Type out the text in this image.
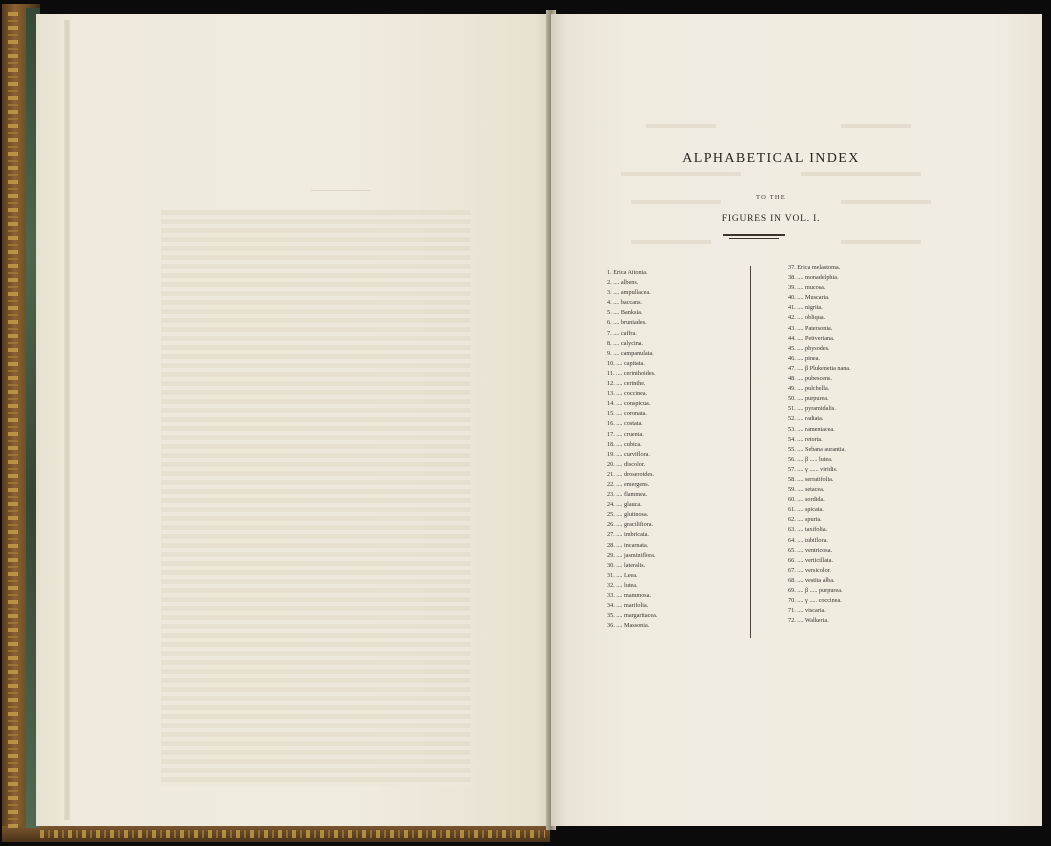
ALPHABETICAL INDEX
TO THE
FIGURES IN VOL. I.
1. Erica Aitonia.
2. .... albens.
3. .... ampullacea.
4. .... baccans.
5. .... Banksia.
6. .... bruniades.
7. .... caffra.
8. .... calycina.
9. .... campanulata.
10. .... capitata.
11. .... cerinthoides.
12. .... cerinthe.
13. .... coccinea.
14. .... conspicua.
15. .... coronata.
16. .... costata.
17. .... cruenta.
18. .... cubica.
19. .... curviflora.
20. .... discolor.
21. .... droseroides.
22. .... emergens.
23. .... flammea.
24. .... glauca.
25. .... glutinosa.
26. .... gracilifiora.
27. .... imbricata.
28. .... incarnata.
29. .... jasminiflora.
30. .... lateralis.
31. .... Leea.
32. .... lutea.
33. .... mammosa.
34. .... marifolia.
35. .... margaritacea.
36. .... Massonia.
37. Erica melastoma.
38. .... monadelphia.
39. .... mucosa.
40. .... Muscaria.
41. .... nigrita.
42. .... obliqua.
43. .... Patersonia.
44. .... Petiveriana.
45. .... physodes.
46. .... pinea.
47. .... β Plukenetia nana.
48. .... pubescens.
49. .... pulchella.
50. .... purpurea.
51. .... pyramidalis.
52. .... radiata.
53. .... ramentacea.
54. .... retorta.
55. .... Sebana aurantia.
56. .... β ..... lutea.
57. .... γ ...... viridis.
58. .... serratifolia.
59. .... setacea.
60. .... sordida.
61. .... spicata.
62. .... spuria.
63. .... taxifolia.
64. .... tubiflora.
65. .... ventricosa.
66. .... verticillata.
67. .... versicolor.
68. .... vestita alba.
69. .... β ..... purpurea.
70. .... γ ..... coccinea.
71. .... viscaria.
72. .... Walkeria.
